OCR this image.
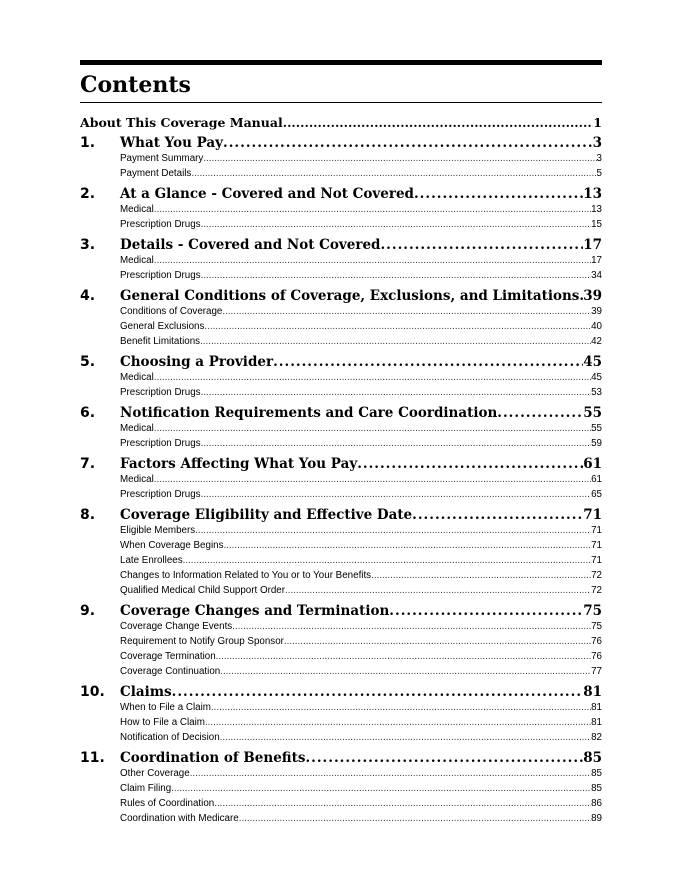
Contents
About This Coverage Manual .....	1
1.	What You Pay .....	3
Payment Summary .....	3
Payment Details .....	5
2.	At a Glance - Covered and Not Covered .....	13
Medical .....	13
Prescription Drugs .....	15
3.	Details - Covered and Not Covered .....	17
Medical .....	17
Prescription Drugs .....	34
4.	General Conditions of Coverage, Exclusions, and Limitations ..... 39
Conditions of Coverage .....	39
General Exclusions .....	40
Benefit Limitations .....	42
5.	Choosing a Provider .....	45
Medical .....	45
Prescription Drugs .....	53
6.	Notification Requirements and Care Coordination .....	55
Medical .....	55
Prescription Drugs .....	59
7.	Factors Affecting What You Pay .....	61
Medical .....	61
Prescription Drugs .....	65
8.	Coverage Eligibility and Effective Date .....	71
Eligible Members .....	71
When Coverage Begins .....	71
Late Enrollees .....	71
Changes to Information Related to You or to Your Benefits .....	72
Qualified Medical Child Support Order .....	72
9.	Coverage Changes and Termination .....	75
Coverage Change Events .....	75
Requirement to Notify Group Sponsor .....	76
Coverage Termination .....	76
Coverage Continuation .....	77
10.	Claims .....	81
When to File a Claim .....	81
How to File a Claim .....	81
Notification of Decision .....	82
11.	Coordination of Benefits .....	85
Other Coverage .....	85
Claim Filing .....	85
Rules of Coordination .....	86
Coordination with Medicare .....	89
